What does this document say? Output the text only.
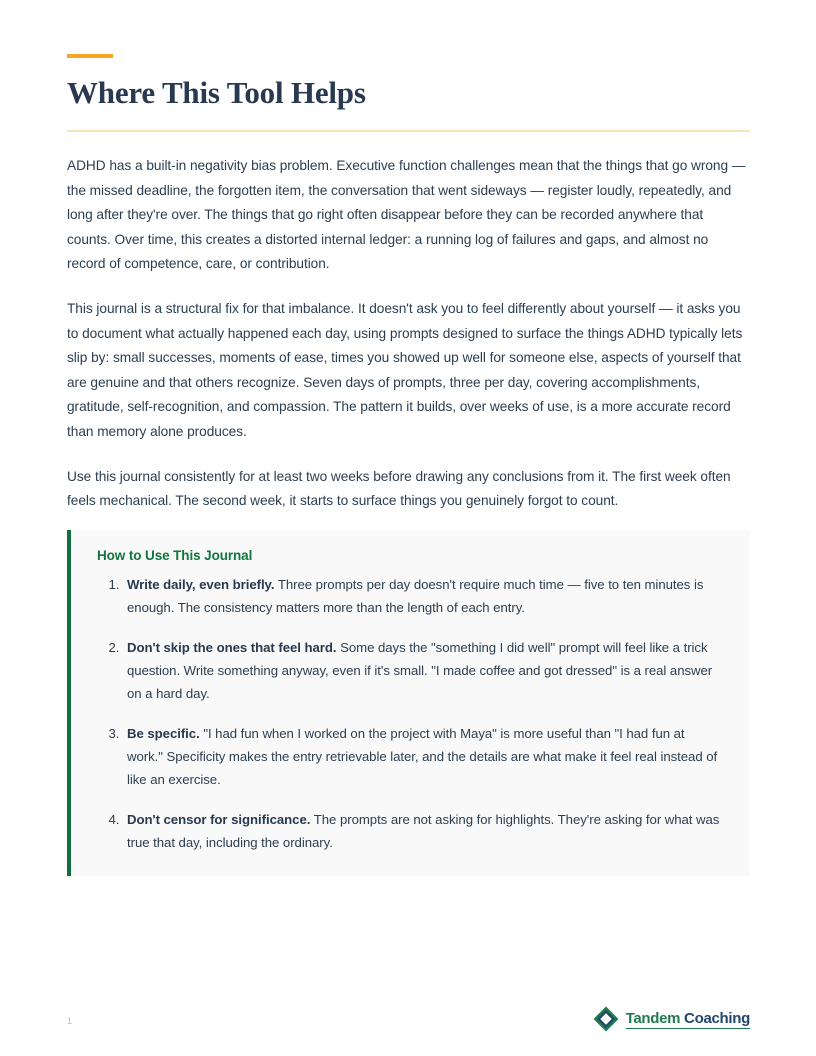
Where This Tool Helps

ADHD has a built-in negativity bias problem. Executive function challenges mean that the things that go wrong — the missed deadline, the forgotten item, the conversation that went sideways — register loudly, repeatedly, and long after they're over. The things that go right often disappear before they can be recorded anywhere that counts. Over time, this creates a distorted internal ledger: a running log of failures and gaps, and almost no record of competence, care, or contribution.

This journal is a structural fix for that imbalance. It doesn't ask you to feel differently about yourself — it asks you to document what actually happened each day, using prompts designed to surface the things ADHD typically lets slip by: small successes, moments of ease, times you showed up well for someone else, aspects of yourself that are genuine and that others recognize. Seven days of prompts, three per day, covering accomplishments, gratitude, self-recognition, and compassion. The pattern it builds, over weeks of use, is a more accurate record than memory alone produces.

Use this journal consistently for at least two weeks before drawing any conclusions from it. The first week often feels mechanical. The second week, it starts to surface things you genuinely forgot to count.

How to Use This Journal
1. Write daily, even briefly. Three prompts per day doesn't require much time — five to ten minutes is enough. The consistency matters more than the length of each entry.
2. Don't skip the ones that feel hard. Some days the "something I did well" prompt will feel like a trick question. Write something anyway, even if it's small. "I made coffee and got dressed" is a real answer on a hard day.
3. Be specific. "I had fun when I worked on the project with Maya" is more useful than "I had fun at work." Specificity makes the entry retrievable later, and the details are what make it feel real instead of like an exercise.
4. Don't censor for significance. The prompts are not asking for highlights. They're asking for what was true that day, including the ordinary.
1	Tandem Coaching
